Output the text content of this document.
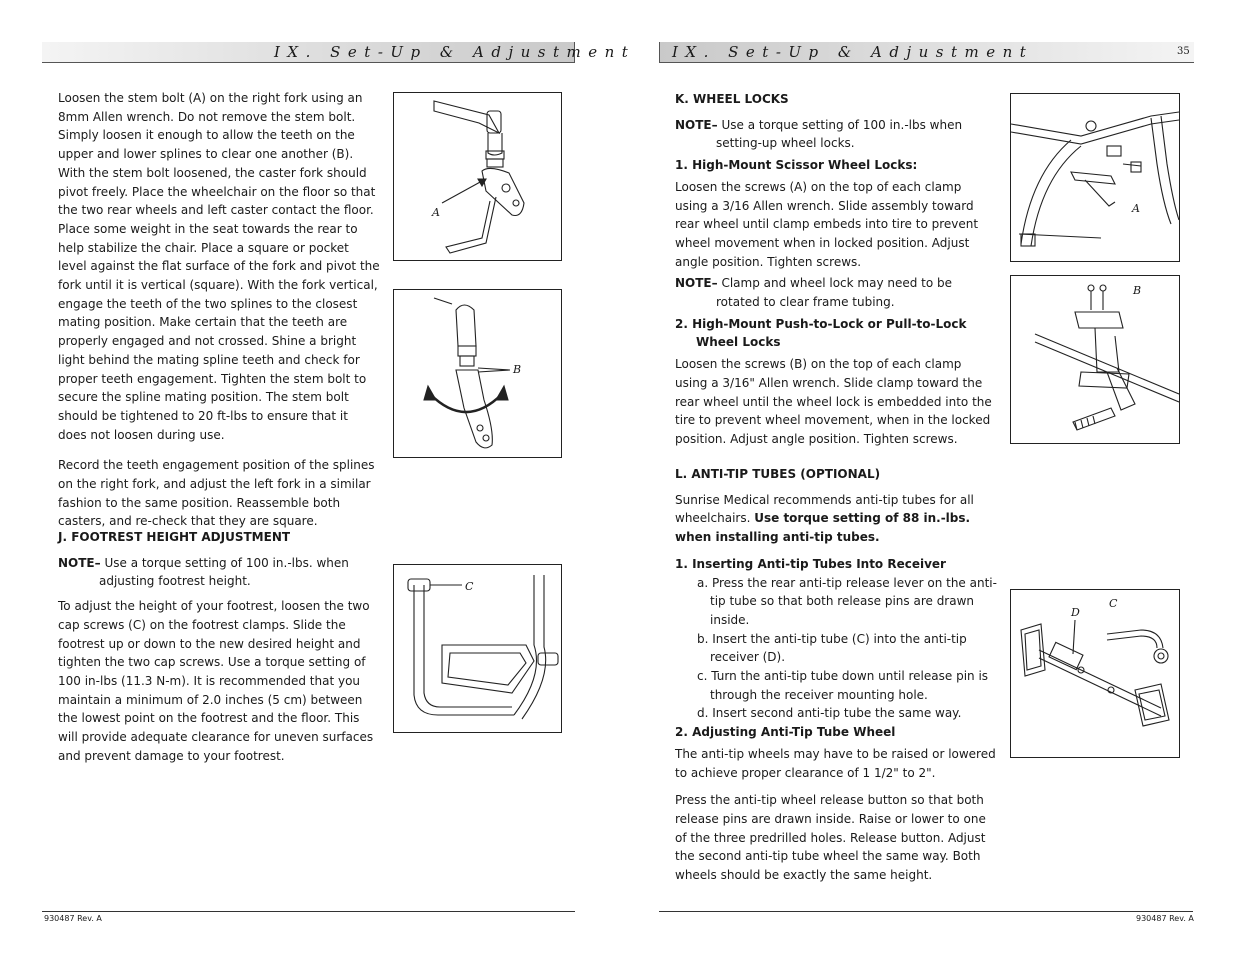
IX. Set-Up & Adjustment IX. Set-Up & Adjustment	35

Loosen the stem bolt (A) on the right fork using an 8mm Allen wrench. Do not remove the stem bolt. Simply loosen it enough to allow the teeth on the upper and lower splines to clear one another (B). With the stem bolt loosened, the caster fork should pivot freely. Place the wheelchair on the floor so that the two rear wheels and left caster contact the floor. Place some weight in the seat towards the rear to help stabilize the chair. Place a square or pocket level against the flat surface of the fork and pivot the fork until it is vertical (square). With the fork vertical, engage the teeth of the two splines to the closest mating position. Make certain that the teeth are properly engaged and not crossed. Shine a bright light behind the mating spline teeth and check for proper teeth engagement. Tighten the stem bolt to secure the spline mating position. The stem bolt should be tightened to 20 ft-lbs to ensure that it does not loosen during use.

Record the teeth engagement position of the splines on the right fork, and adjust the left fork in a similar fashion to the same position. Reassemble both casters, and re-check that they are square.

J. FOOTREST HEIGHT ADJUSTMENT

NOTE– Use a torque setting of 100 in.-lbs. when adjusting footrest height.

To adjust the height of your footrest, loosen the two cap screws (C) on the footrest clamps. Slide the footrest up or down to the new desired height and tighten the two cap screws. Use a torque setting of 100 in-lbs (11.3 N-m). It is recommended that you maintain a minimum of 2.0 inches (5 cm) between the lowest point on the footrest and the floor. This will provide adequate clearance for uneven surfaces and prevent damage to your footrest.

A
B
C

K. WHEEL LOCKS

NOTE– Use a torque setting of 100 in.-lbs when setting-up wheel locks.

1. High-Mount Scissor Wheel Locks:

Loosen the screws (A) on the top of each clamp using a 3/16 Allen wrench. Slide assembly toward rear wheel until clamp embeds into tire to prevent wheel movement when in locked position. Adjust angle position. Tighten screws.

NOTE– Clamp and wheel lock may need to be rotated to clear frame tubing.

2. High-Mount Push-to-Lock or Pull-to-Lock Wheel Locks

Loosen the screws (B) on the top of each clamp using a 3/16" Allen wrench. Slide clamp toward the rear wheel until the wheel lock is embedded into the tire to prevent wheel movement, when in the locked position. Adjust angle position. Tighten screws.

L. ANTI-TIP TUBES (OPTIONAL)

Sunrise Medical recommends anti-tip tubes for all wheelchairs. Use torque setting of 88 in.-lbs. when installing anti-tip tubes.

1. Inserting Anti-tip Tubes Into Receiver

a. Press the rear anti-tip release lever on the anti-tip tube so that both release pins are drawn inside.

b. Insert the anti-tip tube (C) into the anti-tip receiver (D).

c. Turn the anti-tip tube down until release pin is through the receiver mounting hole.

d. Insert second anti-tip tube the same way.

2. Adjusting Anti-Tip Tube Wheel

The anti-tip wheels may have to be raised or lowered to achieve proper clearance of 1 1/2" to 2".

Press the anti-tip wheel release button so that both release pins are drawn inside. Raise or lower to one of the three predrilled holes. Release button. Adjust the second anti-tip tube wheel the same way. Both wheels should be exactly the same height.

A
B
D
C
930487 Rev. A	930487 Rev. A
